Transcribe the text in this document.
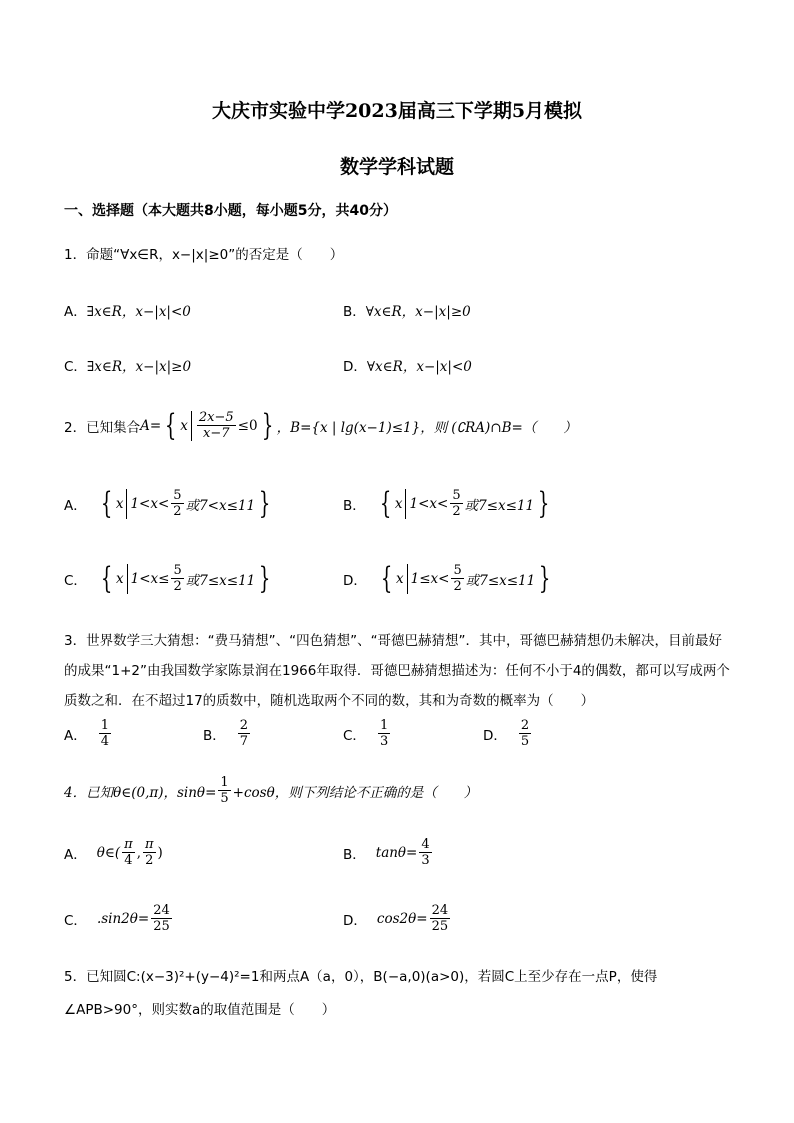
大庆市实验中学2023届高三下学期5月模拟
数学学科试题
一、选择题（本大题共8小题，每小题5分，共40分）
1．命题“∀x∈R，x−|x|≥0”的否定是（　　）
A． ∃x∈R，x−|x|<0	B． ∀x∈R，x−|x|≥0
C． ∃x∈R，x−|x|≥0	D． ∀x∈R，x−|x|<0
2．已知集合 A= { x $\frac{2x-5}{x-7} \le 0$ } ，B={x | lg(x−1)≤1}，则 (∁RA)∩B=（　　）
A． { x $1<x< \frac{5}{2}$ 或7<x≤11 }	B． { x $1<x< \frac{5}{2}$ 或7≤x≤11 }
C． { x $1<x\le \frac{5}{2}$ 或7≤x≤11 }	D． { x $1\le x< \frac{5}{2}$ 或7≤x≤11 }
3．世界数学三大猜想：“费马猜想”、“四色猜想”、“哥德巴赫猜想”．其中，哥德巴赫猜想仍未解决，目前最好的成果“1+2”由我国数学家陈景润在1966年取得．哥德巴赫猜想描述为：任何不小于4的偶数，都可以写成两个质数之和．在不超过17的质数中，随机选取两个不同的数，其和为奇数的概率为（　　）
A． $\frac{1}{4}$	B． $\frac{2}{7}$	C． $\frac{1}{3}$	D． $\frac{2}{5}$
4．已知θ∈(0,π)，$\sin\theta= \frac{1}{5} +\cos\theta$，则下列结论不正确的是（　　）
A． θ∈( $\frac{\pi}{4}$ , $\frac{\pi}{2}$ )	B． $\tan\theta= \frac{4}{3}$
C． $.\sin 2\theta= \frac{24}{25}$	D． $\cos 2\theta= \frac{24}{25}$
5．已知圆C:(x−3)²+(y−4)²=1和两点A（a，0），B(−a,0)(a>0)，若圆C上至少存在一点P，使得
∠APB>90°，则实数a的取值范围是（　　）
